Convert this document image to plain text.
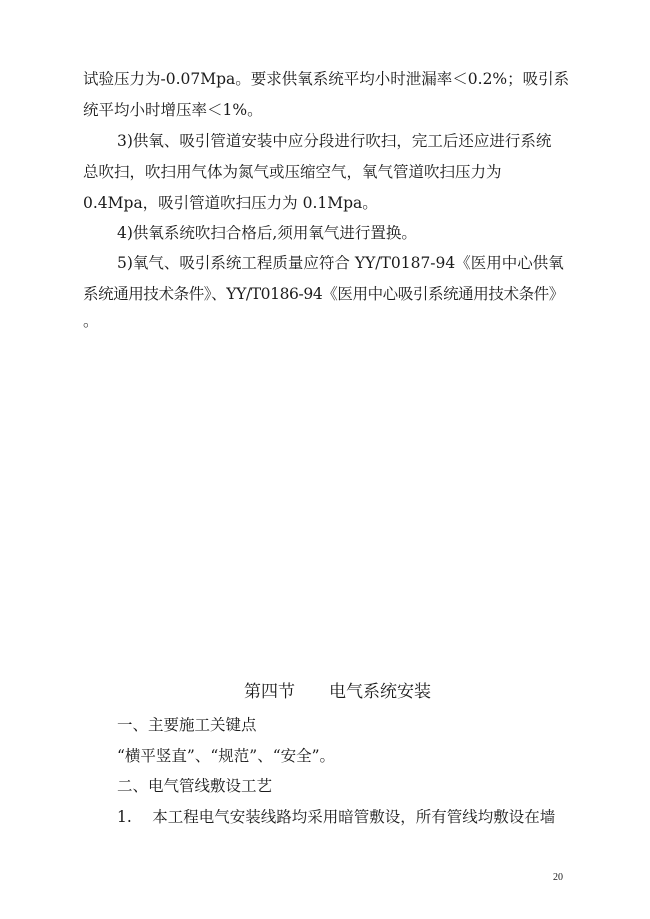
试验压力为-0.07Mpa。要求供氧系统平均小时泄漏率＜0.2%；吸引系
统平均小时增压率＜1%。
3)供氧、吸引管道安装中应分段进行吹扫，完工后还应进行系统
总吹扫，吹扫用气体为氮气或压缩空气，氧气管道吹扫压力为
0.4Mpa，吸引管道吹扫压力为 0.1Mpa。
4)供氧系统吹扫合格后,须用氧气进行置换。
5)氧气、吸引系统工程质量应符合 YY/T0187-94《医用中心供氧
系统通用技术条件》、YY/T0186-94《医用中心吸引系统通用技术条件》
。
第四节 电气系统安装
一、主要施工关键点
“横平竖直”、“规范”、“安全”。
二、电气管线敷设工艺
1.　 本工程电气安装线路均采用暗管敷设，所有管线均敷设在墙
20
